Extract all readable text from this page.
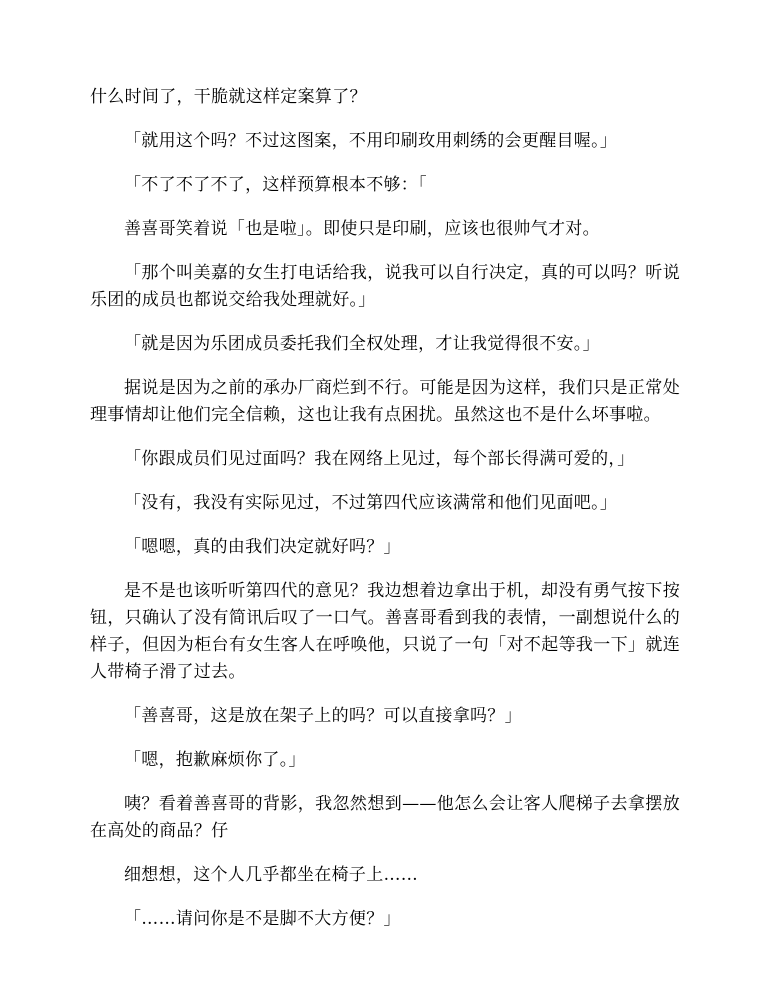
什么时间了，干脆就这样定案算了？

「就用这个吗？不过这图案，不用印刷玫用刺绣的会更醒目喔。」

「不了不了不了，这样预算根本不够：「

善喜哥笑着说「也是啦」。即使只是印刷，应该也很帅气才对。

「那个叫美嘉的女生打电话给我，说我可以自行决定，真的可以吗？听说乐团的成员也都说交给我处理就好。」

「就是因为乐团成员委托我们全权处理，才让我觉得很不安。」

据说是因为之前的承办厂商烂到不行。可能是因为这样，我们只是正常处理事情却让他们完全信赖，这也让我有点困扰。虽然这也不是什么坏事啦。

「你跟成员们见过面吗？我在网络上见过，每个部长得满可爱的，」

「没有，我没有实际见过，不过第四代应该满常和他们见面吧。」

「嗯嗯，真的由我们决定就好吗？」

是不是也该听听第四代的意见？我边想着边拿出于机，却没有勇气按下按钮，只确认了没有简讯后叹了一口气。善喜哥看到我的表情，一副想说什么的样子，但因为柜台有女生客人在呼唤他，只说了一句「对不起等我一下」就连人带椅子滑了过去。

「善喜哥，这是放在架子上的吗？可以直接拿吗？」

「嗯，抱歉麻烦你了。」

咦？看着善喜哥的背影，我忽然想到——他怎么会让客人爬梯子去拿摆放在高处的商品？仔

细想想，这个人几乎都坐在椅子上……

「……请问你是不是脚不大方便？」
